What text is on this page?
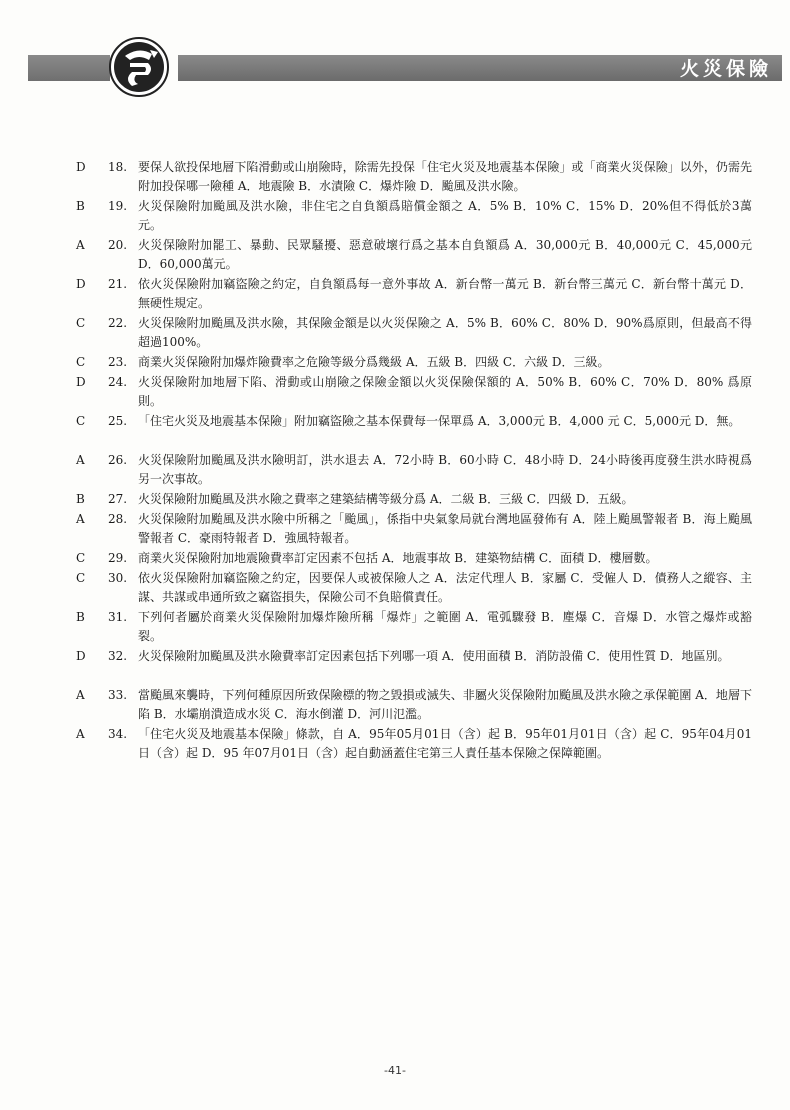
火災保險
D	18. 要保人欲投保地層下陷滑動或山崩險時，除需先投保「住宅火災及地震基本保險」或「商業火災保險」以外，仍需先附加投保哪一險種 A．地震險 B．水漬險 C．爆炸險 D．颱風及洪水險。
B	19. 火災保險附加颱風及洪水險，非住宅之自負額爲賠償金額之 A．5% B．10% C．15% D．20%但不得低於3萬元。
A	20. 火災保險附加罷工、暴動、民眾騷擾、惡意破壞行爲之基本自負額爲 A．30,000元 B．40,000元 C．45,000元 D．60,000萬元。
D	21. 依火災保險附加竊盜險之約定，自負額爲每一意外事故 A．新台幣一萬元 B．新台幣三萬元 C．新台幣十萬元 D．無硬性規定。
C	22. 火災保險附加颱風及洪水險，其保險金額是以火災保險之 A．5% B．60% C．80% D．90%爲原則，但最高不得超過100%。
C	23. 商業火災保險附加爆炸險費率之危險等級分爲幾級 A．五級 B．四級 C．六級 D．三級。
D	24. 火災保險附加地層下陷、滑動或山崩險之保險金額以火災保險保額的 A．50% B．60% C．70% D．80% 爲原則。
C	25. 「住宅火災及地震基本保險」附加竊盜險之基本保費每一保單爲 A．3,000元 B．4,000 元 C．5,000元 D．無。
A	26. 火災保險附加颱風及洪水險明訂，洪水退去 A．72小時 B．60小時 C．48小時 D．24小時後再度發生洪水時視爲另一次事故。
B	27. 火災保險附加颱風及洪水險之費率之建築結構等級分爲 A．二級 B．三級 C．四級 D．五級。
A	28. 火災保險附加颱風及洪水險中所稱之「颱風」，係指中央氣象局就台灣地區發佈有 A．陸上颱風警報者 B．海上颱風警報者 C．豪雨特報者 D．強風特報者。
C	29. 商業火災保險附加地震險費率訂定因素不包括 A．地震事故 B．建築物結構 C．面積 D．樓層數。
C	30. 依火災保險附加竊盜險之約定，因要保人或被保險人之 A．法定代理人 B．家屬 C．受僱人 D．債務人之縱容、主謀、共謀或串通所致之竊盜損失，保險公司不負賠償責任。
B	31. 下列何者屬於商業火災保險附加爆炸險所稱「爆炸」之範圍 A．電弧驟發 B．塵爆 C．音爆 D．水管之爆炸或豁裂。
D	32. 火災保險附加颱風及洪水險費率訂定因素包括下列哪一項 A．使用面積 B．消防設備 C．使用性質 D．地區別。
A	33. 當颱風來襲時，下列何種原因所致保險標的物之毀損或滅失、非屬火災保險附加颱風及洪水險之承保範圍 A．地層下陷 B．水壩崩潰造成水災 C．海水倒灌 D．河川氾濫。
A	34. 「住宅火災及地震基本保險」條款，自 A．95年05月01日（含）起 B．95年01月01日（含）起 C．95年04月01 日（含）起 D．95 年07月01日（含）起自動涵蓋住宅第三人責任基本保險之保障範圍。
-41-
